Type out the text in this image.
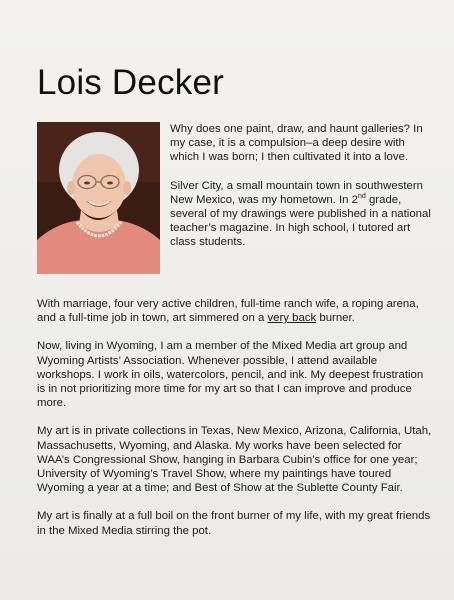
Lois Decker

Why does one paint, draw, and haunt galleries? In my case, it is a compulsion–a deep desire with which I was born; I then cultivated it into a love.

Silver City, a small mountain town in southwestern New Mexico, was my hometown. In 2nd grade, several of my drawings were published in a national teacher’s magazine. In high school, I tutored art class students.

With marriage, four very active children, full-time ranch wife, a roping arena, and a full-time job in town, art simmered on a very back burner.

Now, living in Wyoming, I am a member of the Mixed Media art group and Wyoming Artists’ Association. Whenever possible, I attend available workshops. I work in oils, watercolors, pencil, and ink. My deepest frustration is in not prioritizing more time for my art so that I can improve and produce more.

My art is in private collections in Texas, New Mexico, Arizona, California, Utah, Massachusetts, Wyoming, and Alaska. My works have been selected for WAA’s Congressional Show, hanging in Barbara Cubin’s office for one year; University of Wyoming’s Travel Show, where my paintings have toured Wyoming a year at a time; and Best of Show at the Sublette County Fair.

My art is finally at a full boil on the front burner of my life, with my great friends in the Mixed Media stirring the pot.
